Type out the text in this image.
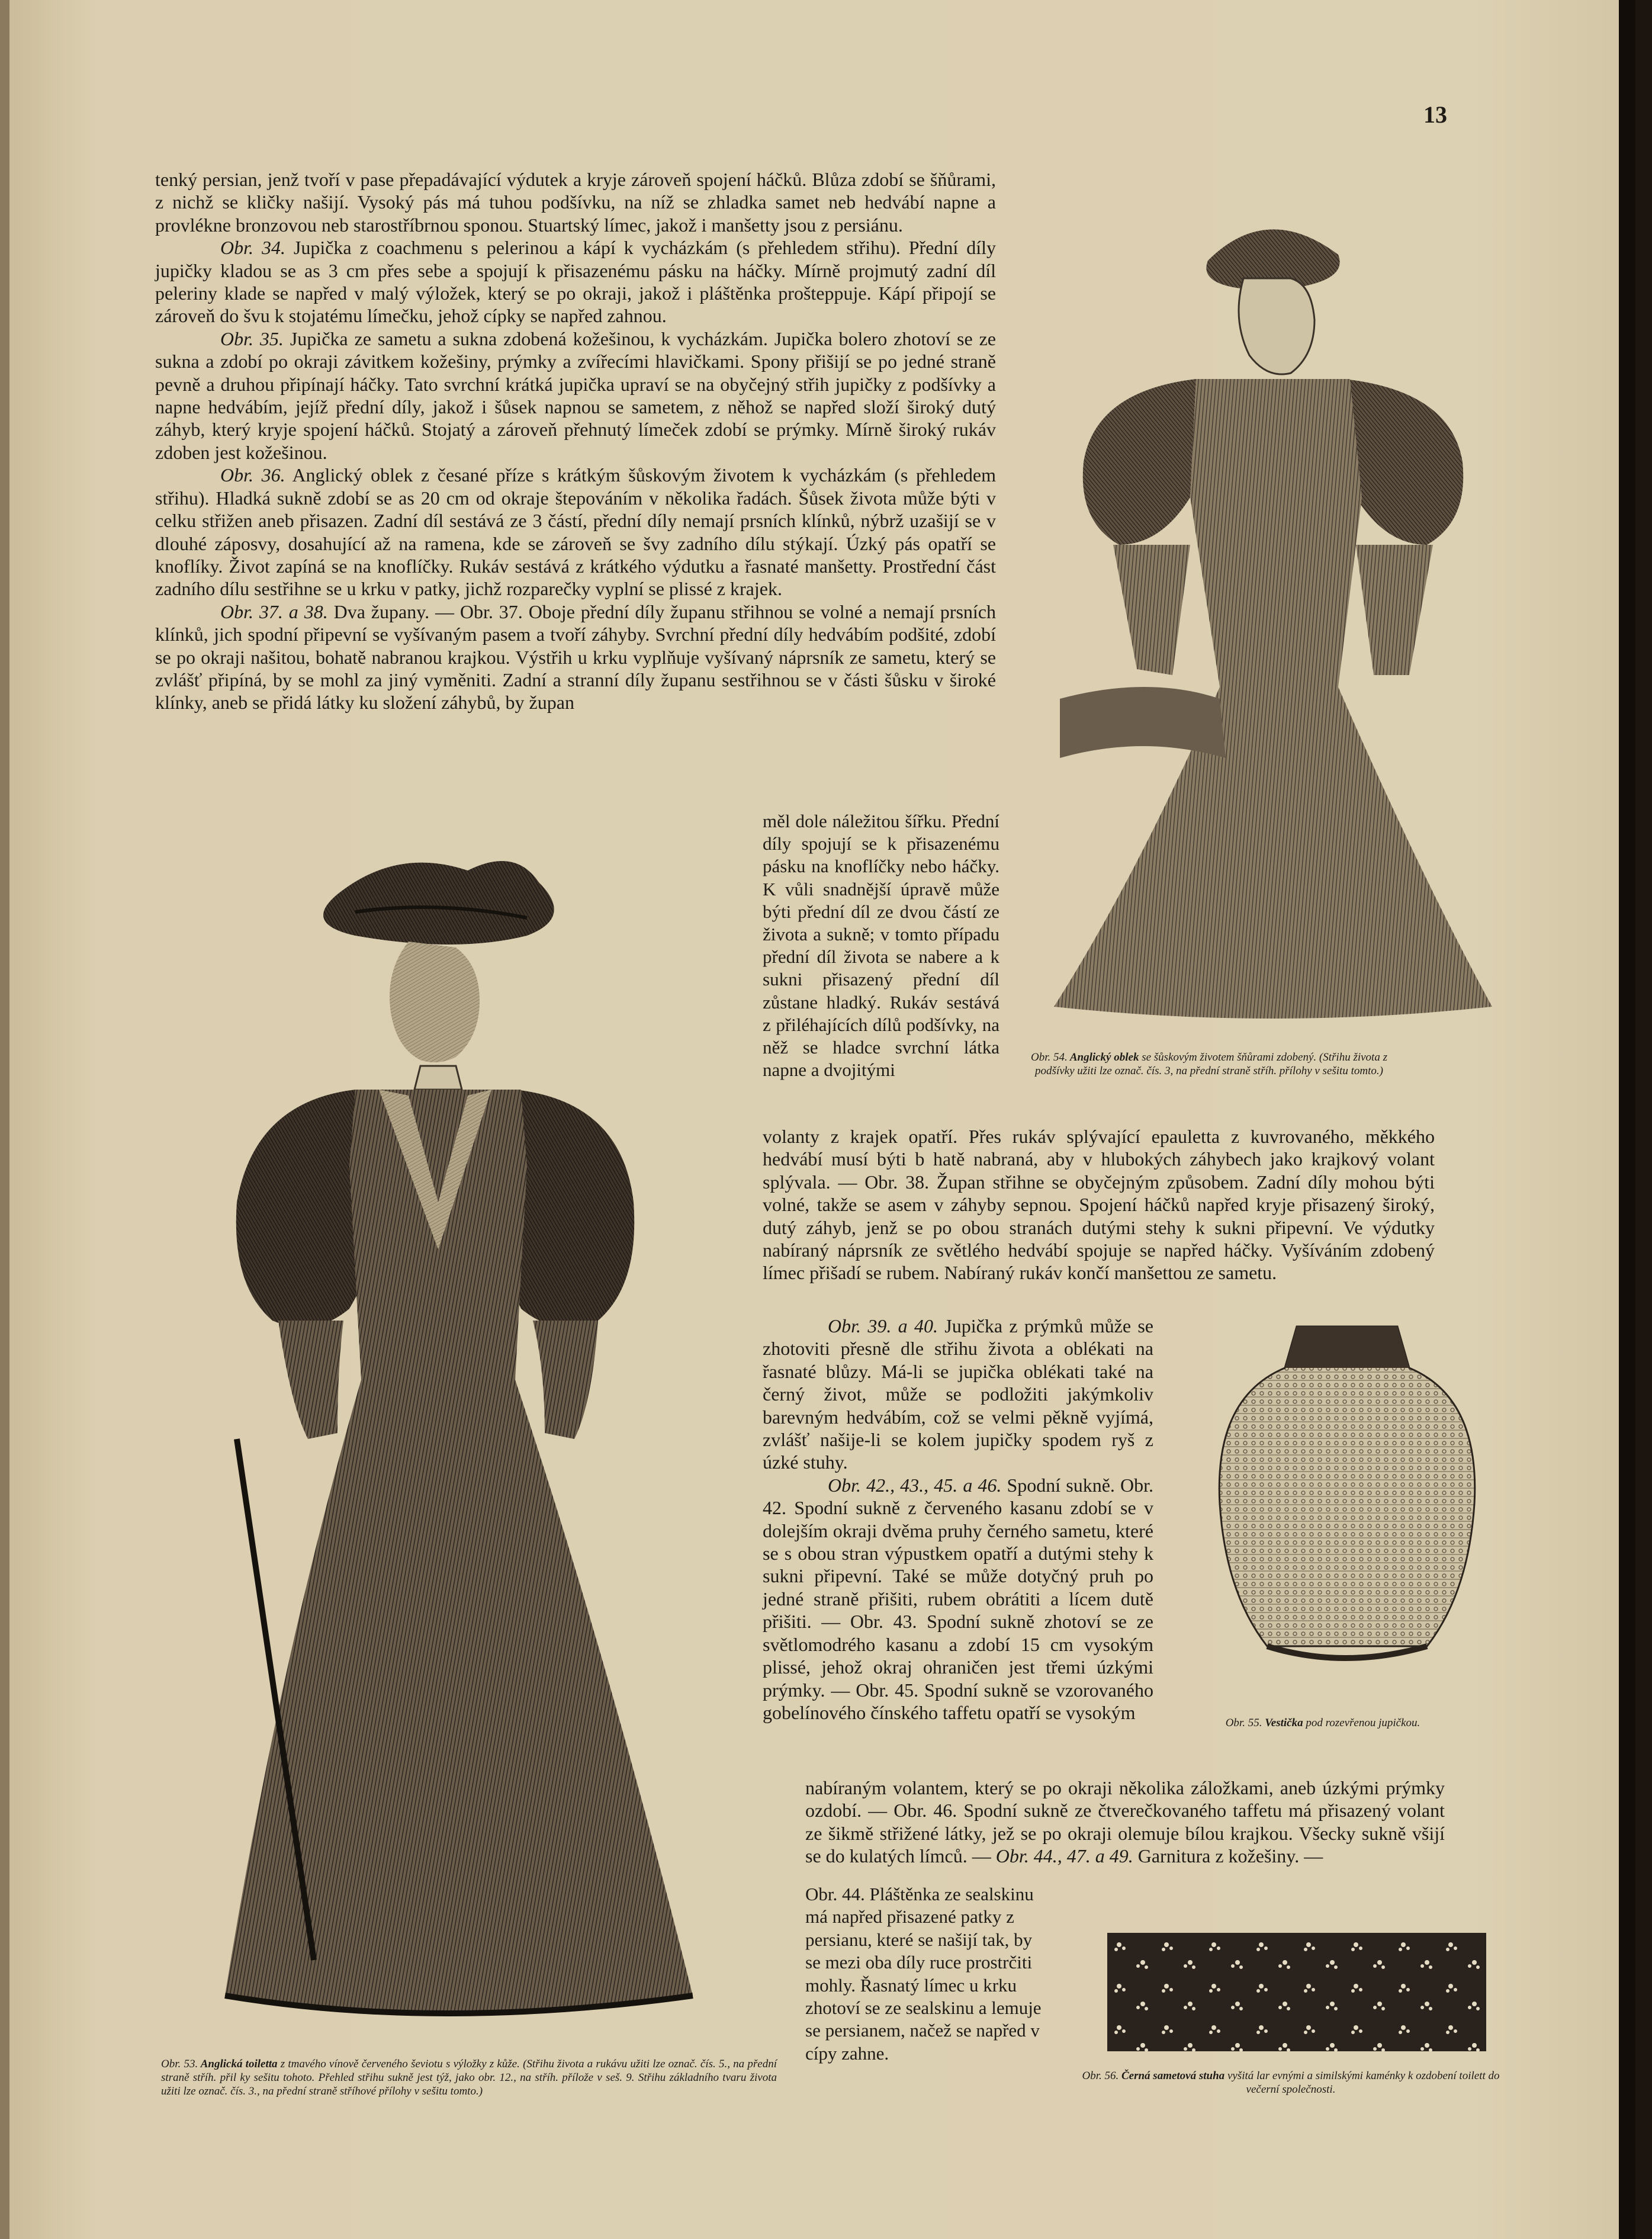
13

tenký persian, jenž tvoří v pase přepadávající výdutek a kryje zároveň spojení háčků. Blůza zdobí se šňůrami, z nichž se kličky našijí. Vysoký pás má tuhou podšívku, na níž se zhladka samet neb hedvábí napne a provlékne bronzovou neb starostříbrnou sponou. Stuartský límec, jakož i manšetty jsou z persiánu.

Obr. 34. Jupička z coachmenu s pelerinou a kápí k vycházkám (s přehledem střihu). Přední díly jupičky kladou se as 3 cm přes sebe a spojují k přisazenému pásku na háčky. Mírně projmutý zadní díl peleriny klade se napřed v malý výložek, který se po okraji, jakož i pláštěnka prošteppuje. Kápí připojí se zároveň do švu k stojatému límečku, jehož cípky se napřed zahnou.

Obr. 35. Jupička ze sametu a sukna zdobená kožešinou, k vycházkám. Jupička bolero zhotoví se ze sukna a zdobí po okraji závitkem kožešiny, prýmky a zvířecími hlavičkami. Spony přišijí se po jedné straně pevně a druhou připínají háčky. Tato svrchní krátká jupička upraví se na obyčejný střih jupičky z podšívky a napne hedvábím, jejíž přední díly, jakož i šůsek napnou se sametem, z něhož se napřed složí široký dutý záhyb, který kryje spojení háčků. Stojatý a zároveň přehnutý límeček zdobí se prýmky. Mírně široký rukáv zdoben jest kožešinou.

Obr. 36. Anglický oblek z česané příze s krátkým šůskovým životem k vycházkám (s přehledem střihu). Hladká sukně zdobí se as 20 cm od okraje štepováním v několika řadách. Šůsek života může býti v celku střižen aneb přisazen. Zadní díl sestává ze 3 částí, přední díly nemají prsních klínků, nýbrž uzašijí se v dlouhé záposvy, dosahující až na ramena, kde se zároveň se švy zadního dílu stýkají. Úzký pás opatří se knoflíky. Život zapíná se na knoflíčky. Rukáv sestává z krátkého výdutku a řasnaté manšetty. Prostřední část zadního dílu sestřihne se u krku v patky, jichž rozparečky vyplní se plissé z krajek.

Obr. 37. a 38. Dva župany. — Obr. 37. Oboje přední díly županu střihnou se volné a nemají prsních klínků, jich spodní připevní se vyšívaným pasem a tvoří záhyby. Svrchní přední díly hedvábím podšité, zdobí se po okraji našitou, bohatě nabranou krajkou. Výstřih u krku vyplňuje vyšívaný náprsník ze sametu, který se zvlášť připíná, by se mohl za jiný vyměniti. Zadní a stranní díly županu sestřihnou se v části šůsku v široké klínky, aneb se přidá látky ku složení záhybů, by župan

měl dole náležitou šířku. Přední díly spojují se k přisazenému pásku na knoflíčky nebo háčky. K vůli snadnější úpravě může býti přední díl ze dvou částí ze života a sukně; v tomto případu přední díl života se nabere a k sukni přisazený přední díl zůstane hladký. Rukáv sestává z přiléhajících dílů podšívky, na něž se hladce svrchní látka napne a dvojitými

volanty z krajek opatří. Přes rukáv splývající epauletta z kuvrovaného, měkkého hedvábí musí býti b hatě nabraná, aby v hlubokých záhybech jako krajkový volant splývala. — Obr. 38. Župan střihne se obyčejným způsobem. Zadní díly mohou býti volné, takže se asem v záhyby sepnou. Spojení háčků napřed kryje přisazený široký, dutý záhyb, jenž se po obou stranách dutými stehy k sukni připevní. Ve výdutky nabíraný náprsník ze světlého hedvábí spojuje se napřed háčky. Vyšíváním zdobený límec přišadí se rubem. Nabíraný rukáv končí manšettou ze sametu.

Obr. 39. a 40. Jupička z prýmků může se zhotoviti přesně dle střihu života a oblékati na řasnaté blůzy. Má-li se jupička oblékati také na černý život, může se podložiti jakýmkoliv barevným hedvábím, což se velmi pěkně vyjímá, zvlášť našije-li se kolem jupičky spodem ryš z úzké stuhy.

Obr. 42., 43., 45. a 46. Spodní sukně. Obr. 42. Spodní sukně z červeného kasanu zdobí se v dolejším okraji dvěma pruhy černého sametu, které se s obou stran výpustkem opatří a dutými stehy k sukni připevní. Také se může dotyčný pruh po jedné straně přišiti, rubem obrátiti a lícem dutě přišiti. — Obr. 43. Spodní sukně zhotoví se ze světlomodrého kasanu a zdobí 15 cm vysokým plissé, jehož okraj ohraničen jest třemi úzkými prýmky. — Obr. 45. Spodní sukně se vzorovaného gobelínového čínského taffetu opatří se vysokým

nabíraným volantem, který se po okraji několika záložkami, aneb úzkými prýmky ozdobí. — Obr. 46. Spodní sukně ze čtverečkovaného taffetu má přisazený volant ze šikmě střižené látky, jež se po okraji olemuje bílou krajkou. Všecky sukně všijí se do kulatých límců. — Obr. 44., 47. a 49. Garnitura z kožešiny. —

Obr. 44. Pláštěnka ze sealskinu má napřed přisazené patky z persianu, které se našijí tak, by se mezi oba díly ruce prostrčiti mohly. Řasnatý límec u krku zhotoví se ze sealskinu a lemuje se persianem, načež se napřed v cípy zahne.

Obr. 53. Anglická toiletta z tmavého vínově červeného ševiotu s výložky z kůže. (Střihu života a rukávu užiti lze označ. čís. 5., na přední straně stříh. přil ky sešitu tohoto. Přehled střihu sukně jest týž, jako obr. 12., na stříh. přílože v seš. 9. Střihu základního tvaru života užiti lze označ. čís. 3., na přední straně stříhové přílohy v sešitu tomto.)
Obr. 54. Anglický oblek se šůskovým životem šňůrami zdobený. (Střihu života z podšívky užiti lze označ. čís. 3, na přední straně stříh. přílohy v sešitu tomto.)
Obr. 55. Vestička pod rozevřenou jupičkou.
Obr. 56. Černá sametová stuha vyšitá lar evnými a similskými kaménky k ozdobení toilett do večerní společnosti.
